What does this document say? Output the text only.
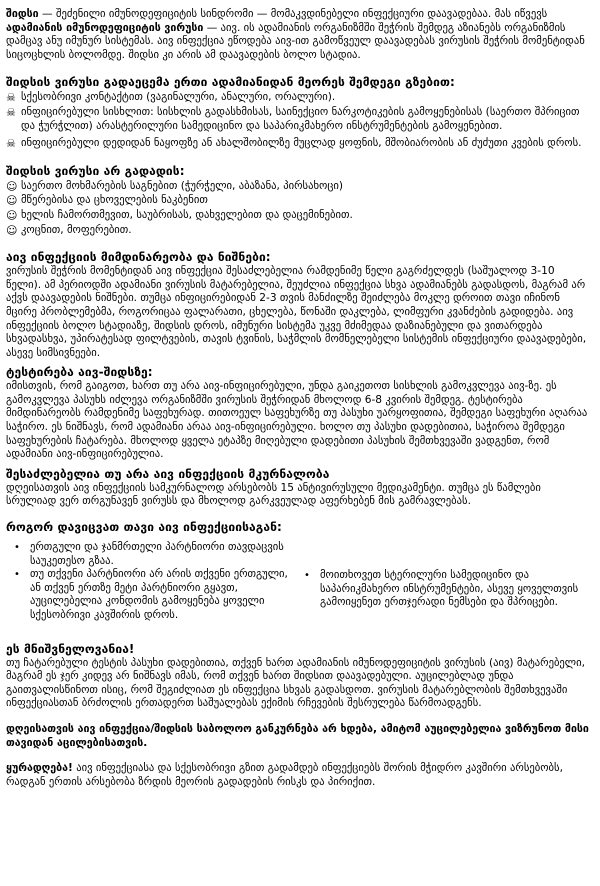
შიდსი — შეძენილი იმუნოდეფიციტის სინდრომი — მომაკვდინებელი ინფექციური დაავადებაა. მას იწვევს ადამიანის იმუნოდეფიციტის ვირუსი — აივ. ის ადამიანის ორგანიზმში შეჭრის შემდეგ აზიანებს ორგანიზმის დამცავ ანუ იმუნურ სისტემას. აივ ინფექცია ეწოდება აივ-ით გამოწვეულ დაავადებას ვირუსის შეჭრის მომენტიდან სიცოცხლის ბოლომდე. შიდსი კი არის ამ დაავადების ბოლო სტადია.

შიდსის ვირუსი გადაეცემა ერთი ადამიანიდან მეორეს შემდეგი გზებით:
☠ სქესობრივი კონტაქტით (ვაგინალური, ანალური, ორალური).
☠ ინფიცირებული სისხლით: სისხლის გადასხმისას, საინექციო ნარკოტიკების გამოყენებისას (საერთო შპრიცით და ჭურჭლით) არასტერილური სამედიცინო და საპარიკმახერო ინსტრუმენტების გამოყენებით.
☠ ინფიცირებული დედიდან ნაყოფზე ან ახალშობილზე მუცლად ყოფნის, მშობიარობის ან ძუძუთი კვების დროს.
შიდსის ვირუსი არ გადადის:
☺ საერთო მოხმარების საგნებით (ჭურჭელი, აბაზანა, პირსახოცი)
☺ მწერებისა და ცხოველების ნაკბენით
☺ ხელის ჩამორთმევით, საუბრისას, დახველებით და დაცემინებით.
☺ კოცნით, მოფერებით.
აივ ინფექციის მიმდინარეობა და ნიშნები:

ვირუსის შეჭრის მომენტიდან აივ ინფექცია შესაძლებელია რამდენიმე წელი გაგრძელდეს (საშუალოდ 3-10 წელი). ამ პერიოდში ადამიანი ვირუსის მატარებელია, შეუძლია ინფექცია სხვა ადამიანებს გადასდოს, მაგრამ არ აქვს დაავადების ნიშნები. თუმცა ინფიცირებიდან 2-3 თვის მანძილზე შეიძლება მოკლე დროით თავი იჩინონ მცირე პრობლემებმა, როგორიცაა ფალარათი, ცხელება, წონაში დაკლება, ლიმფური კვანძების გადიდება. აივ ინფექციის ბოლო სტადიაზე, შიდსის დროს, იმუნური სისტემა უკვე მძიმედაა დაზიანებული და ვითარდება სხვადასხვა, უპირატესად ფილტვების, თავის ტვინის, საჭმლის მომნელებელი სისტემის ინფექციური დაავადებები, ასევე სიმსივნეები.

ტესტირება აივ-შიდსზე:

იმისთვის, რომ გაიგოთ, ხართ თუ არა აივ-ინფიცირებული, უნდა გაიკეთოთ სისხლის გამოკვლევა აივ-ზე. ეს გამოკვლევა პასუხს იძლევა ორგანიზმში ვირუსის შეჭრიდან მხოლოდ 6-8 კვირის შემდეგ. ტესტირება მიმდინარეობს რამდენიმე საფეხურად. თითოეულ საფეხურზე თუ პასუხი უარყოფითია, შემდეგი საფეხური აღარაა საჭირო. ეს ნიშნავს, რომ ადამიანი არაა აივ-ინფიცირებული. ხოლო თუ პასუხი დადებითია, საჭიროა შემდეგი საფეხურების ჩატარება. მხოლოდ ყველა ეტაპზე მიღებული დადებითი პასუხის შემთხვევაში ვადგენთ, რომ ადამიანი აივ-ინფიცირებულია.

შესაძლებელია თუ არა აივ ინფექციის მკურნალობა

დღეისათვის აივ ინფექციის სამკურნალოდ არსებობს 15 ანტივირუსული მედიკამენტი. თუმცა ეს წამლები სრულიად ვერ თრგუნავენ ვირუსს და მხოლოდ გარკვეულად აფერხებენ მის გამრავლებას.

როგორ დავიცვათ თავი აივ ინფექციისაგან:
• ერთგული და ჯანმრთელი პარტნიორი თავდაცვის საუკეთესო გზაა.
• თუ თქვენი პარტნიორი არ არის თქვენი ერთგული, ან თქვენ ერთზე მეტი პარტნიორი გყავთ, აუცილებელია კონდომის გამოყენება ყოველი სქესობრივი კავშირის დროს.
• მოითხოვეთ სტერილური სამედიცინო და საპარიკმახერო ინსტრუმენტები, ასევე ყოველთვის გამოიყენეთ ერთჯერადი ნემსები და შპრიცები.
ეს მნიშვნელოვანია!

თუ ჩატარებული ტესტის პასუხი დადებითია, თქვენ ხართ ადამიანის იმუნოდეფიციტის ვირუსის (აივ) მატარებელი, მაგრამ ეს ჯერ კიდევ არ ნიშნავს იმას, რომ თქვენ ხართ შიდსით დაავადებული. აუცილებლად უნდა გაითვალისწინოთ ისიც, რომ შეგიძლიათ ეს ინფექცია სხვას გადასდოთ. ვირუსის მატარებლობის შემთხვევაში ინფექციასთან ბრძოლის ერთადერთ საშუალებას ექიმის რჩევების შესრულება წარმოადგენს.

დღეისათვის აივ ინფექცია/შიდსის საბოლოო განკურნება არ ხდება, ამიტომ აუცილებელია ვიზრუნოთ მისი თავიდან აცილებისათვის.

ყურადღება! აივ ინფექციასა და სქესობრივი გზით გადამდებ ინფექციებს შორის მჭიდრო კავშირი არსებობს, რადგან ერთის არსებობა ზრდის მეორის გადადების რისკს და პირიქით.
